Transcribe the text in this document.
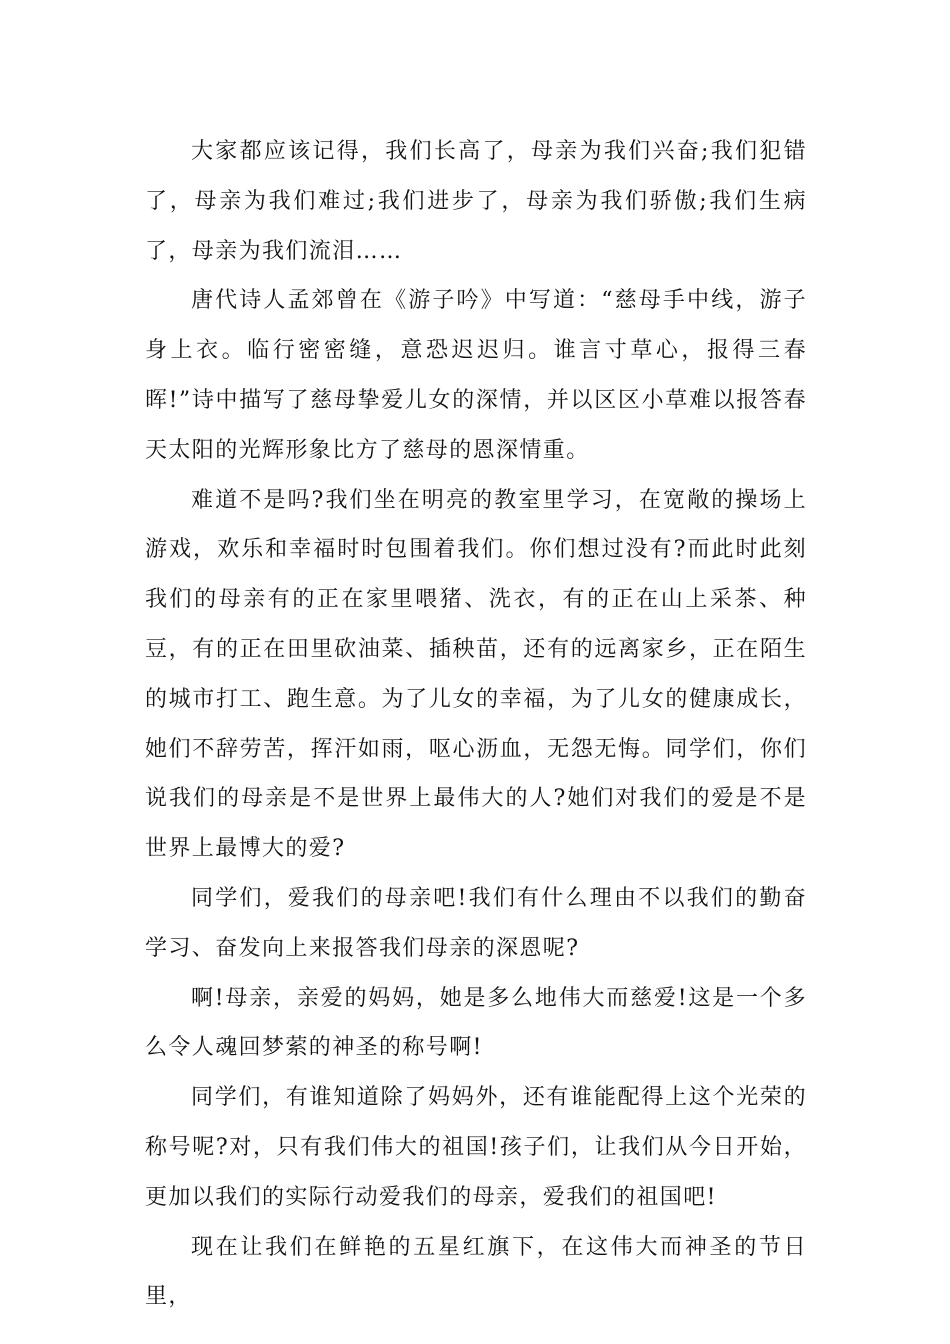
大家都应该记得，我们长高了，母亲为我们兴奋;我们犯错了，母亲为我们难过;我们进步了，母亲为我们骄傲;我们生病了，母亲为我们流泪……

唐代诗人孟郊曾在《游子吟》中写道：“慈母手中线，游子身上衣。临行密密缝，意恐迟迟归。谁言寸草心，报得三春晖!”诗中描写了慈母挚爱儿女的深情，并以区区小草难以报答春天太阳的光辉形象比方了慈母的恩深情重。

难道不是吗?我们坐在明亮的教室里学习，在宽敞的操场上游戏，欢乐和幸福时时包围着我们。你们想过没有?而此时此刻我们的母亲有的正在家里喂猪、洗衣，有的正在山上采茶、种豆，有的正在田里砍油菜、插秧苗，还有的远离家乡，正在陌生的城市打工、跑生意。为了儿女的幸福，为了儿女的健康成长，她们不辞劳苦，挥汗如雨，呕心沥血，无怨无悔。同学们，你们说我们的母亲是不是世界上最伟大的人?她们对我们的爱是不是世界上最博大的爱?

同学们，爱我们的母亲吧!我们有什么理由不以我们的勤奋学习、奋发向上来报答我们母亲的深恩呢?

啊!母亲，亲爱的妈妈，她是多么地伟大而慈爱!这是一个多么令人魂回梦萦的神圣的称号啊!

同学们，有谁知道除了妈妈外，还有谁能配得上这个光荣的称号呢?对，只有我们伟大的祖国!孩子们，让我们从今日开始，更加以我们的实际行动爱我们的母亲，爱我们的祖国吧!

现在让我们在鲜艳的五星红旗下，在这伟大而神圣的节日里，
